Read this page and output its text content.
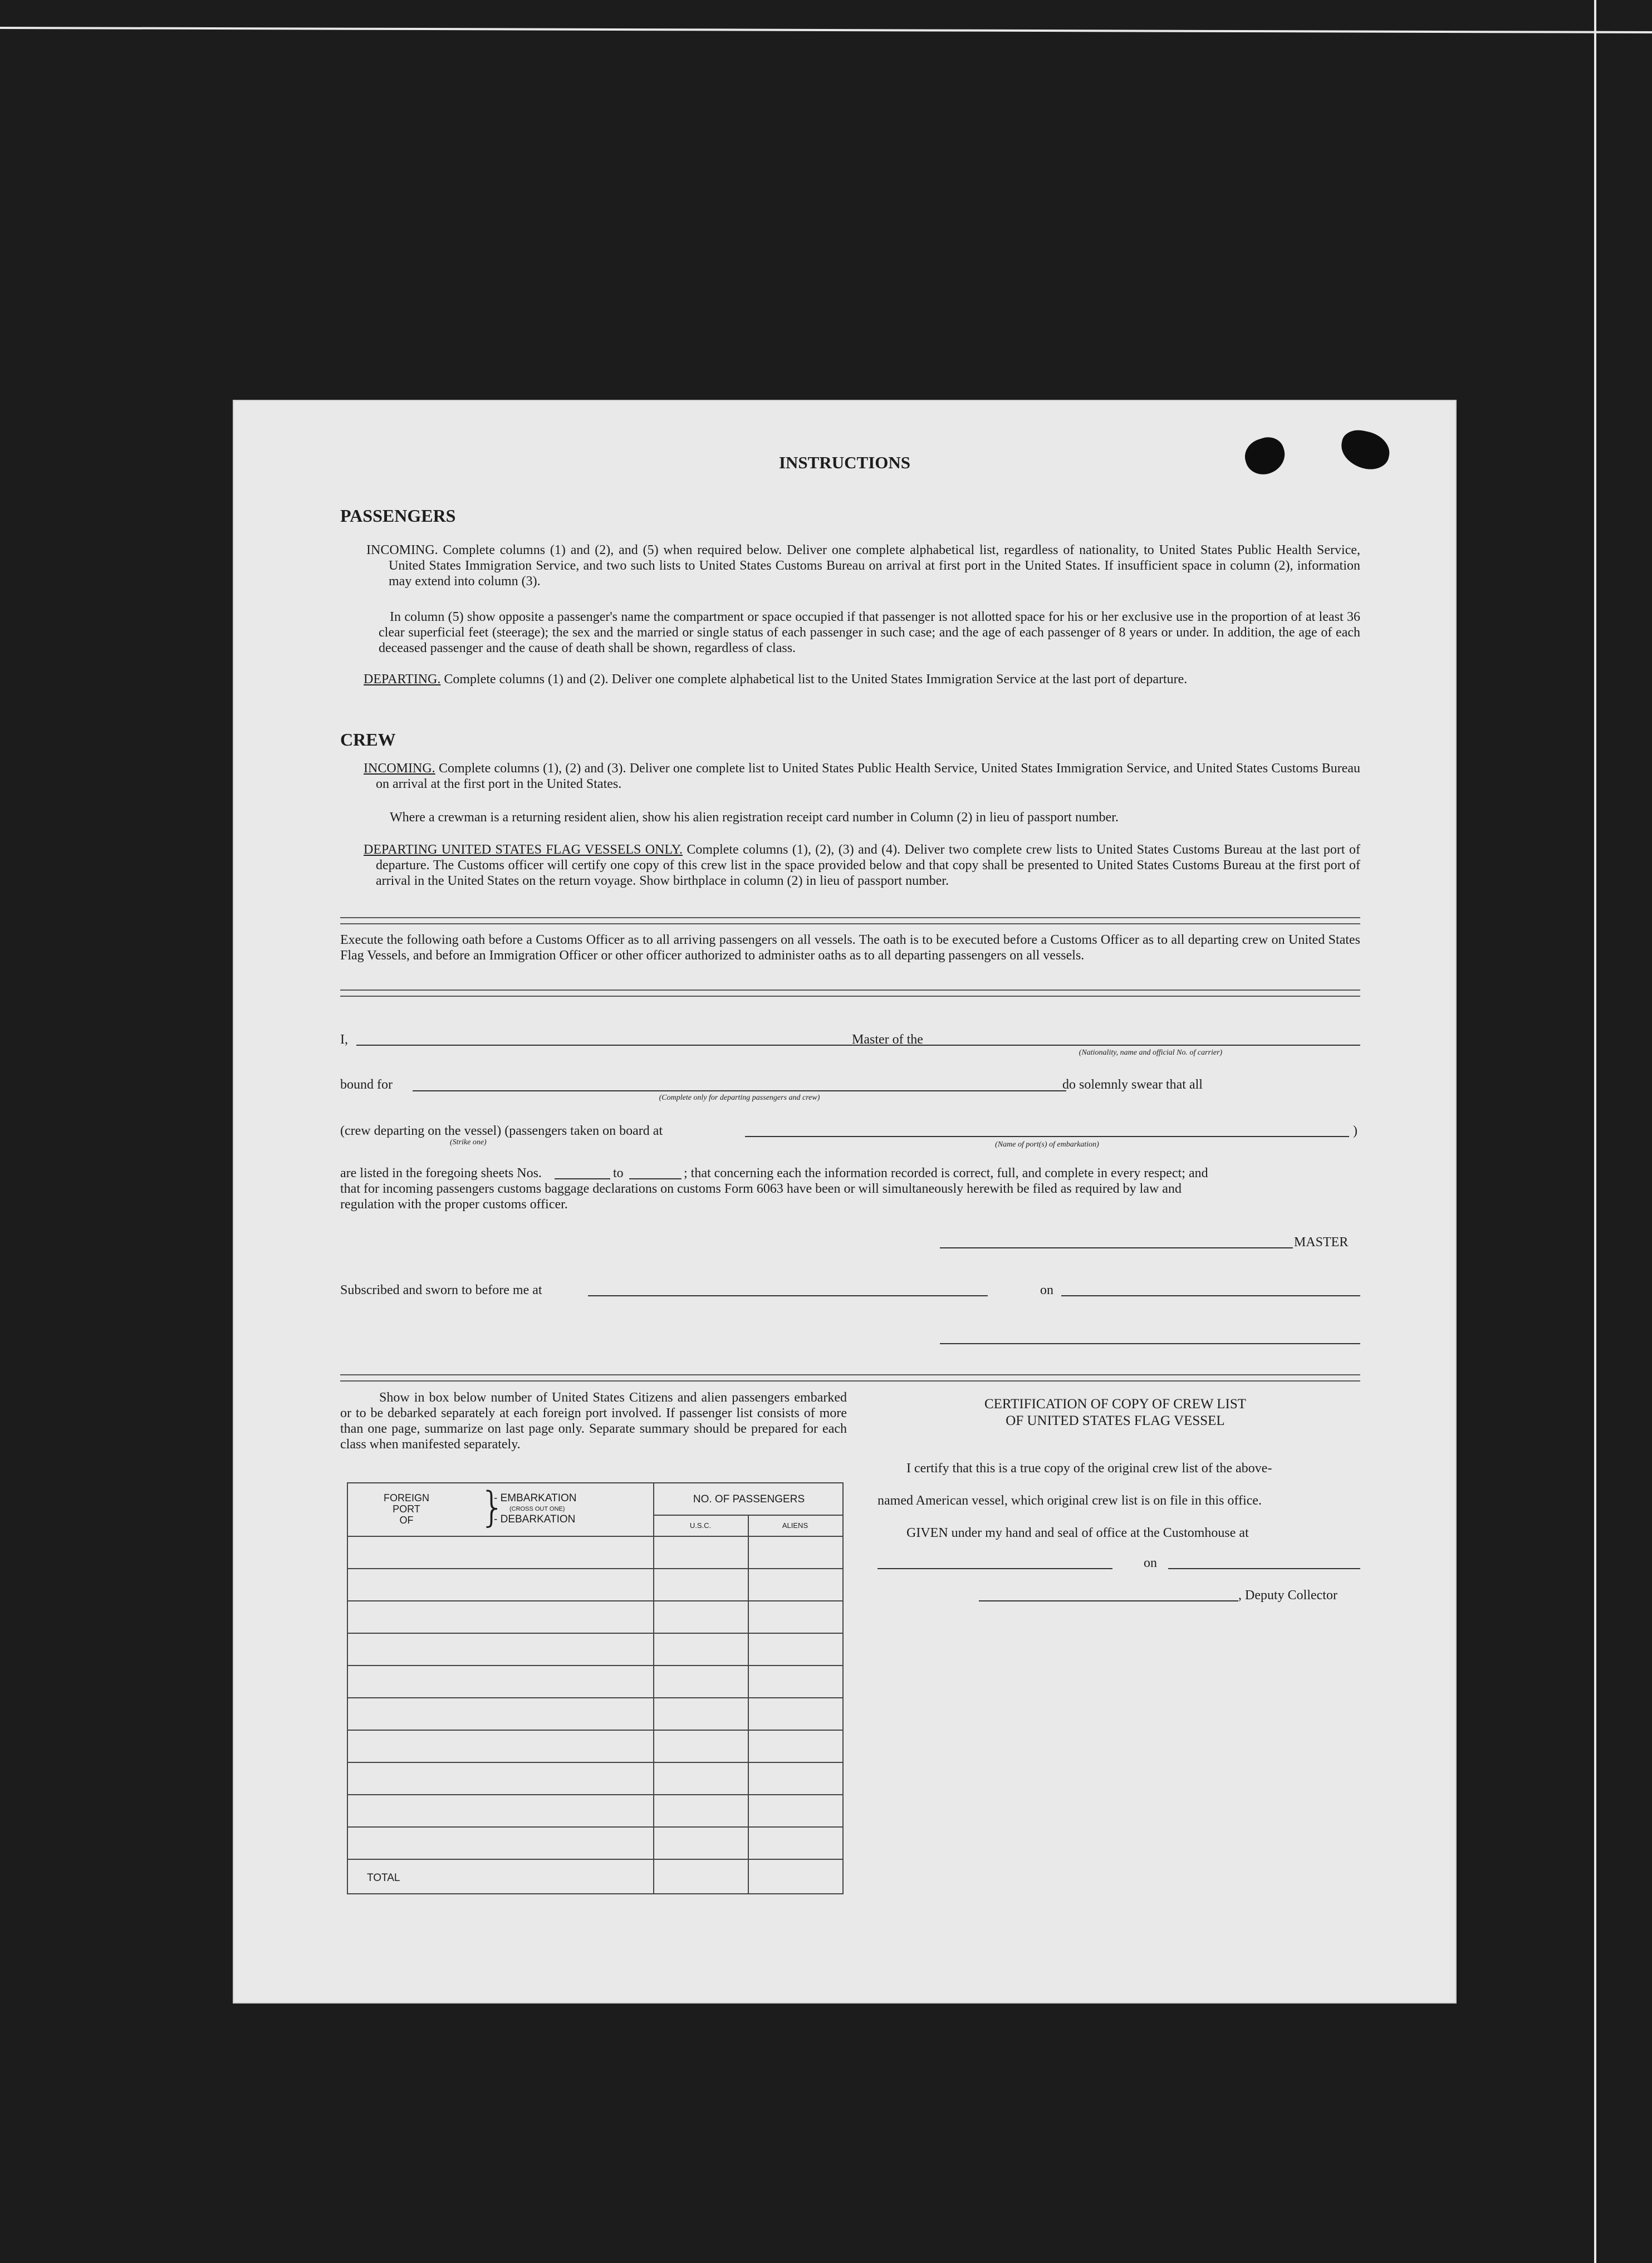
INSTRUCTIONS
PASSENGERS
INCOMING. Complete columns (1) and (2), and (5) when required below. Deliver one complete alphabetical list, regardless of nationality, to United States Public Health Service, United States Immigration Service, and two such lists to United States Customs Bureau on arrival at first port in the United States. If insufficient space in column (2), information may extend into column (3).
In column (5) show opposite a passenger's name the compartment or space occupied if that passenger is not allotted space for his or her exclusive use in the proportion of at least 36 clear superficial feet (steerage); the sex and the married or single status of each passenger in such case; and the age of each passenger of 8 years or under. In addition, the age of each deceased passenger and the cause of death shall be shown, regardless of class.
DEPARTING. Complete columns (1) and (2). Deliver one complete alphabetical list to the United States Immigration Service at the last port of departure.
CREW
INCOMING. Complete columns (1), (2) and (3). Deliver one complete list to United States Public Health Service, United States Immigration Service, and United States Customs Bureau on arrival at the first port in the United States.
Where a crewman is a returning resident alien, show his alien registration receipt card number in Column (2) in lieu of passport number.
DEPARTING UNITED STATES FLAG VESSELS ONLY. Complete columns (1), (2), (3) and (4). Deliver two complete crew lists to United States Customs Bureau at the last port of departure. The Customs officer will certify one copy of this crew list in the space provided below and that copy shall be presented to United States Customs Bureau at the first port of arrival in the United States on the return voyage. Show birthplace in column (2) in lieu of passport number.
Execute the following oath before a Customs Officer as to all arriving passengers on all vessels. The oath is to be executed before a Customs Officer as to all departing crew on United States Flag Vessels, and before an Immigration Officer or other officer authorized to administer oaths as to all departing passengers on all vessels.
I,	Master of the
(Nationality, name and official No. of carrier)
bound for
(Complete only for departing passengers and crew)
do solemnly swear that all
(crew departing on the vessel) (passengers taken on board at
(Strike one)	(Name of port(s) of embarkation)
)
are listed in the foregoing sheets Nos.	to	; that concerning each the information recorded is correct, full, and complete in every respect; and
that for incoming passengers customs baggage declarations on customs Form 6063 have been or will simultaneously herewith be filed as required by law and
regulation with the proper customs officer.
MASTER
Subscribed and sworn to before me at	on
Show in box below number of United States Citizens and alien passengers embarked or to be debarked separately at each foreign port involved. If passenger list consists of more than one page, summarize on last page only. Separate summary should be prepared for each class when manifested separately.
FOREIGN
PORT
OF	}
- EMBARKATION
(CROSS OUT ONE)
- DEBARKATION
NO. OF PASSENGERS
U.S.C.	ALIENS
TOTAL
CERTIFICATION OF COPY OF CREW LIST
OF UNITED STATES FLAG VESSEL
I certify that this is a true copy of the original crew list of the above-
named American vessel, which original crew list is on file in this office.
GIVEN under my hand and seal of office at the Customhouse at
on
, Deputy Collector
